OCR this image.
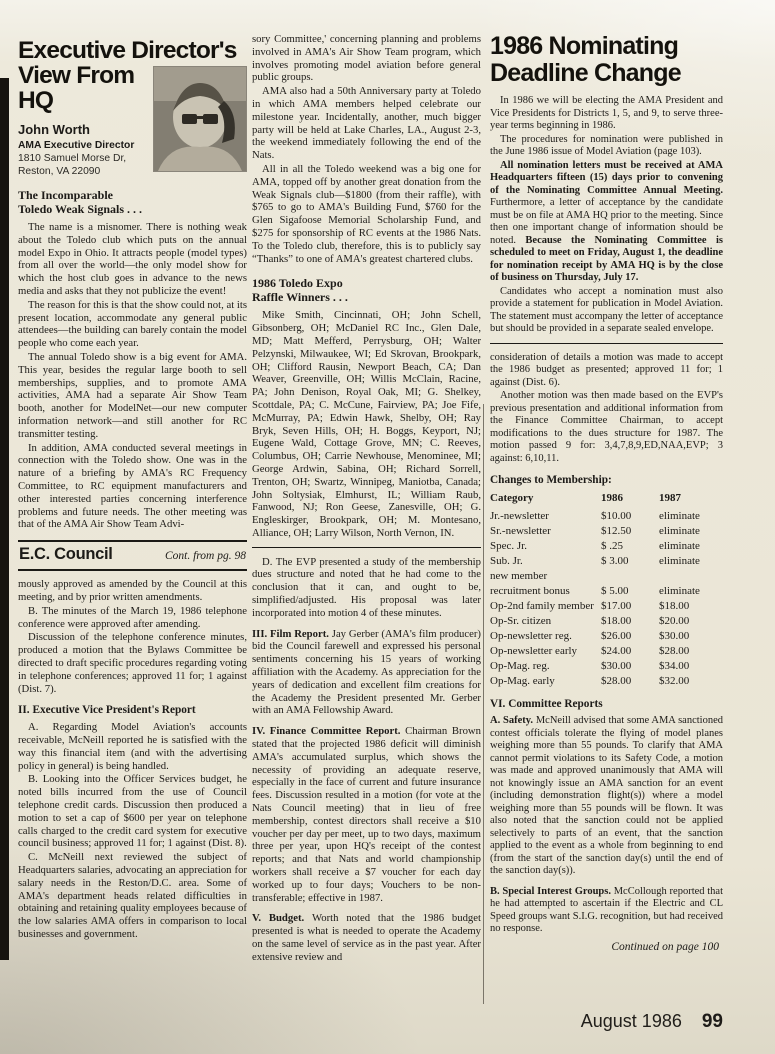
Executive Director's
View From
HQ
John Worth
AMA Executive Director
1810 Samuel Morse Dr,
Reston, VA 22090
The Incomparable
Toledo Weak Signals . . .

The name is a misnomer. There is nothing weak about the Toledo club which puts on the annual model Expo in Ohio. It attracts people (model types) from all over the world—the only model show for which the host club goes in advance to the news media and asks that they not publicize the event!

The reason for this is that the show could not, at its present location, accommodate any general public attendees—the building can barely contain the model people who come each year.

The annual Toledo show is a big event for AMA. This year, besides the regular large booth to sell memberships, supplies, and to promote AMA activities, AMA had a separate Air Show Team booth, another for ModelNet—our new computer information network—and still another for RC transmitter testing.

In addition, AMA conducted several meetings in connection with the Toledo show. One was in the nature of a briefing by AMA's RC Frequency Committee, to RC equipment manufacturers and other interested parties concerning interference problems and future needs. The other meeting was that of the AMA Air Show Team Advi-

E.C. Council	Cont. from pg. 98

mously approved as amended by the Council at this meeting, and by prior written amendments.

B. The minutes of the March 19, 1986 telephone conference were approved after amending.

Discussion of the telephone conference minutes, produced a motion that the Bylaws Committee be directed to draft specific procedures regarding voting in telephone conferences; approved 11 for; 1 against (Dist. 7).

II. Executive Vice President's Report

A. Regarding Model Aviation's accounts receivable, McNeill reported he is satisfied with the way this financial item (and with the advertising policy in general) is being handled.

B. Looking into the Officer Services budget, he noted bills incurred from the use of Council telephone credit cards. Discussion then produced a motion to set a cap of $600 per year on telephone calls charged to the credit card system for executive council business; approved 11 for; 1 against (Dist. 8).

C. McNeill next reviewed the subject of Headquarters salaries, advocating an appreciation for salary needs in the Reston/D.C. area. Some of AMA's department heads related difficulties in obtaining and retaining quality employees because of the low salaries AMA offers in comparison to local businesses and government.

sory Committee,' concerning planning and problems involved in AMA's Air Show Team program, which involves promoting model aviation before general public groups.

AMA also had a 50th Anniversary party at Toledo in which AMA members helped celebrate our milestone year. Incidentally, another, much bigger party will be held at Lake Charles, LA., August 2-3, the weekend immediately following the end of the Nats.

All in all the Toledo weekend was a big one for AMA, topped off by another great donation from the Weak Signals club—$1800 (from their raffle), with $765 to go to AMA's Building Fund, $760 for the Glen Sigafoose Memorial Scholarship Fund, and $275 for sponsorship of RC events at the 1986 Nats. To the Toledo club, therefore, this is to publicly say “Thanks” to one of AMA's greatest chartered clubs.

1986 Toledo Expo
Raffle Winners . . .

Mike Smith, Cincinnati, OH; John Schell, Gibsonberg, OH; McDaniel RC Inc., Glen Dale, MD; Matt Mefferd, Perrysburg, OH; Walter Pelzynski, Milwaukee, WI; Ed Skrovan, Brookpark, OH; Clifford Rausin, Newport Beach, CA; Dan Weaver, Greenville, OH; Willis McClain, Racine, PA; John Denison, Royal Oak, MI; G. Shelkey, Scottdale, PA; C. McCune, Fairview, PA; Joe Fife, McMurray, PA; Edwin Hawk, Shelby, OH; Ray Bryk, Seven Hills, OH; H. Boggs, Keyport, NJ; Eugene Wald, Cottage Grove, MN; C. Reeves, Columbus, OH; Carrie Newhouse, Menominee, MI; George Ardwin, Sabina, OH; Richard Sorrell, Trenton, OH; Swartz, Winnipeg, Maniotba, Canada; John Soltysiak, Elmhurst, IL; William Raub, Fanwood, NJ; Ron Geese, Zanesville, OH; G. Engleskirger, Brookpark, OH; M. Montesano, Alliance, OH; Larry Wilson, North Vernon, IN.

D. The EVP presented a study of the membership dues structure and noted that he had come to the conclusion that it can, and ought to be, simplified/adjusted. His proposal was later incorporated into motion 4 of these minutes.

III. Film Report. Jay Gerber (AMA's film producer) bid the Council farewell and expressed his personal sentiments concerning his 15 years of working affiliation with the Academy. As appreciation for the years of dedication and excellent film creations for the Academy the President presented Mr. Gerber with an AMA Fellowship Award.

IV. Finance Committee Report. Chairman Brown stated that the projected 1986 deficit will diminish AMA's accumulated surplus, which shows the necessity of providing an adequate reserve, especially in the face of current and future insurance fees. Discussion resulted in a motion (for vote at the Nats Council meeting) that in lieu of free membership, contest directors shall receive a $10 voucher per day per meet, up to two days, maximum three per year, upon HQ's receipt of the contest reports; and that Nats and world championship workers shall receive a $7 voucher for each day worked up to four days; Vouchers to be non-transferable; effective in 1987.

V. Budget. Worth noted that the 1986 budget presented is what is needed to operate the Academy on the same level of service as in the past year. After extensive review and

1986 Nominating
Deadline Change

In 1986 we will be electing the AMA President and Vice Presidents for Districts 1, 5, and 9, to serve three-year terms beginning in 1986.

The procedures for nomination were published in the June 1986 issue of Model Aviation (page 103).

All nomination letters must be received at AMA Headquarters fifteen (15) days prior to convening of the Nominating Committee Annual Meeting. Furthermore, a letter of acceptance by the candidate must be on file at AMA HQ prior to the meeting. Since then one important change of information should be noted. Because the Nominating Committee is scheduled to meet on Friday, August 1, the deadline for nomination receipt by AMA HQ is by the close of business on Thursday, July 17.

Candidates who accept a nomination must also provide a statement for publication in Model Aviation. The statement must accompany the letter of acceptance but should be provided in a separate sealed envelope.

consideration of details a motion was made to accept the 1986 budget as presented; approved 11 for; 1 against (Dist. 6).

Another motion was then made based on the EVP's previous presentation and additional information from the Finance Committee Chairman, to accept modifications to the dues structure for 1987. The motion passed 9 for: 3,4,7,8,9,ED,NAA,EVP; 3 against: 6,10,11.

Changes to Membership:
Category	1986	1987
Jr.-newsletter	$10.00	eliminate
Sr.-newsletter	$12.50	eliminate
Spec. Jr.	$ .25	eliminate
Sub. Jr.	$ 3.00	eliminate
new member
recruitment bonus	$ 5.00	eliminate
Op-2nd family member $17.00	$18.00
Op-Sr. citizen	$18.00	$20.00
Op-newsletter reg.	$26.00	$30.00
Op-newsletter early	$24.00	$28.00
Op-Mag. reg.	$30.00	$34.00
Op-Mag. early	$28.00	$32.00
VI. Committee Reports

A. Safety. McNeill advised that some AMA sanctioned contest officials tolerate the flying of model planes weighing more than 55 pounds. To clarify that AMA cannot permit violations to its Safety Code, a motion was made and approved unanimously that AMA will not knowingly issue an AMA sanction for an event (including demonstration flight(s)) where a model weighing more than 55 pounds will be flown. It was also noted that the sanction could not be applied selectively to parts of an event, that the sanction applied to the event as a whole from beginning to end (from the start of the sanction day(s) until the end of the sanction day(s)).

B. Special Interest Groups. McCollough reported that he had attempted to ascertain if the Electric and CL Speed groups want S.I.G. recognition, but had received no response.

Continued on page 100
August 1986 99
